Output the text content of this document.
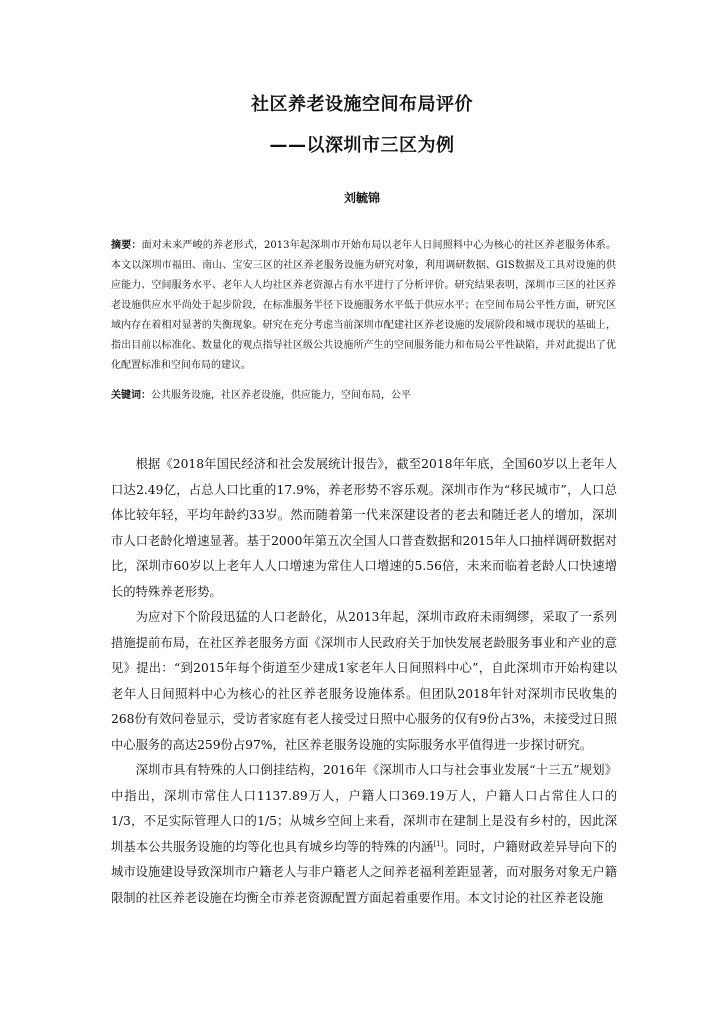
社区养老设施空间布局评价
——以深圳市三区为例
刘毓锦
摘要：面对未来严峻的养老形式，2013年起深圳市开始布局以老年人日间照料中心为核心的社区养老服务体系。本文以深圳市福田、南山、宝安三区的社区养老服务设施为研究对象，利用调研数据、GIS数据及工具对设施的供应能力、空间服务水平、老年人人均社区养老资源占有水平进行了分析评价。研究结果表明，深圳市三区的社区养老设施供应水平尚处于起步阶段，在标准服务半径下设施服务水平低于供应水平；在空间布局公平性方面，研究区域内存在着相对显著的失衡现象。研究在充分考虑当前深圳市配建社区养老设施的发展阶段和城市现状的基础上，指出目前以标准化、数量化的观点指导社区级公共设施所产生的空间服务能力和布局公平性缺陷，并对此提出了优化配置标准和空间布局的建议。
关键词：公共服务设施，社区养老设施，供应能力，空间布局，公平

根据《2018年国民经济和社会发展统计报告》，截至2018年年底，全国60岁以上老年人口达2.49亿，占总人口比重的17.9%，养老形势不容乐观。深圳市作为“移民城市”，人口总体比较年轻，平均年龄约33岁。然而随着第一代来深建设者的老去和随迁老人的增加，深圳市人口老龄化增速显著。基于2000年第五次全国人口普查数据和2015年人口抽样调研数据对比，深圳市60岁以上老年人人口增速为常住人口增速的5.56倍，未来而临着老龄人口快速增长的特殊养老形势。

为应对下个阶段迅猛的人口老龄化，从2013年起，深圳市政府未雨绸缪，采取了一系列措施提前布局，在社区养老服务方面《深圳市人民政府关于加快发展老龄服务事业和产业的意见》提出：“到2015年每个街道至少建成1家老年人日间照料中心”，自此深圳市开始构建以老年人日间照料中心为核心的社区养老服务设施体系。但团队2018年针对深圳市民收集的268份有效问卷显示，受访者家庭有老人接受过日照中心服务的仅有9份占3%，未接受过日照中心服务的高达259份占97%，社区养老服务设施的实际服务水平值得进一步探讨研究。

深圳市具有特殊的人口倒挂结构，2016年《深圳市人口与社会事业发展“十三五”规划》中指出，深圳市常住人口1137.89万人，户籍人口369.19万人，户籍人口占常住人口的1/3，不足实际管理人口的1/5；从城乡空间上来看，深圳市在建制上是没有乡村的，因此深圳基本公共服务设施的均等化也具有城乡均等的特殊的内涵[1]。同时，户籍财政差异导向下的城市设施建设导致深圳市户籍老人与非户籍老人之间养老福利差距显著，而对服务对象无户籍限制的社区养老设施在均衡全市养老资源配置方面起着重要作用。本文讨论的社区养老设施
